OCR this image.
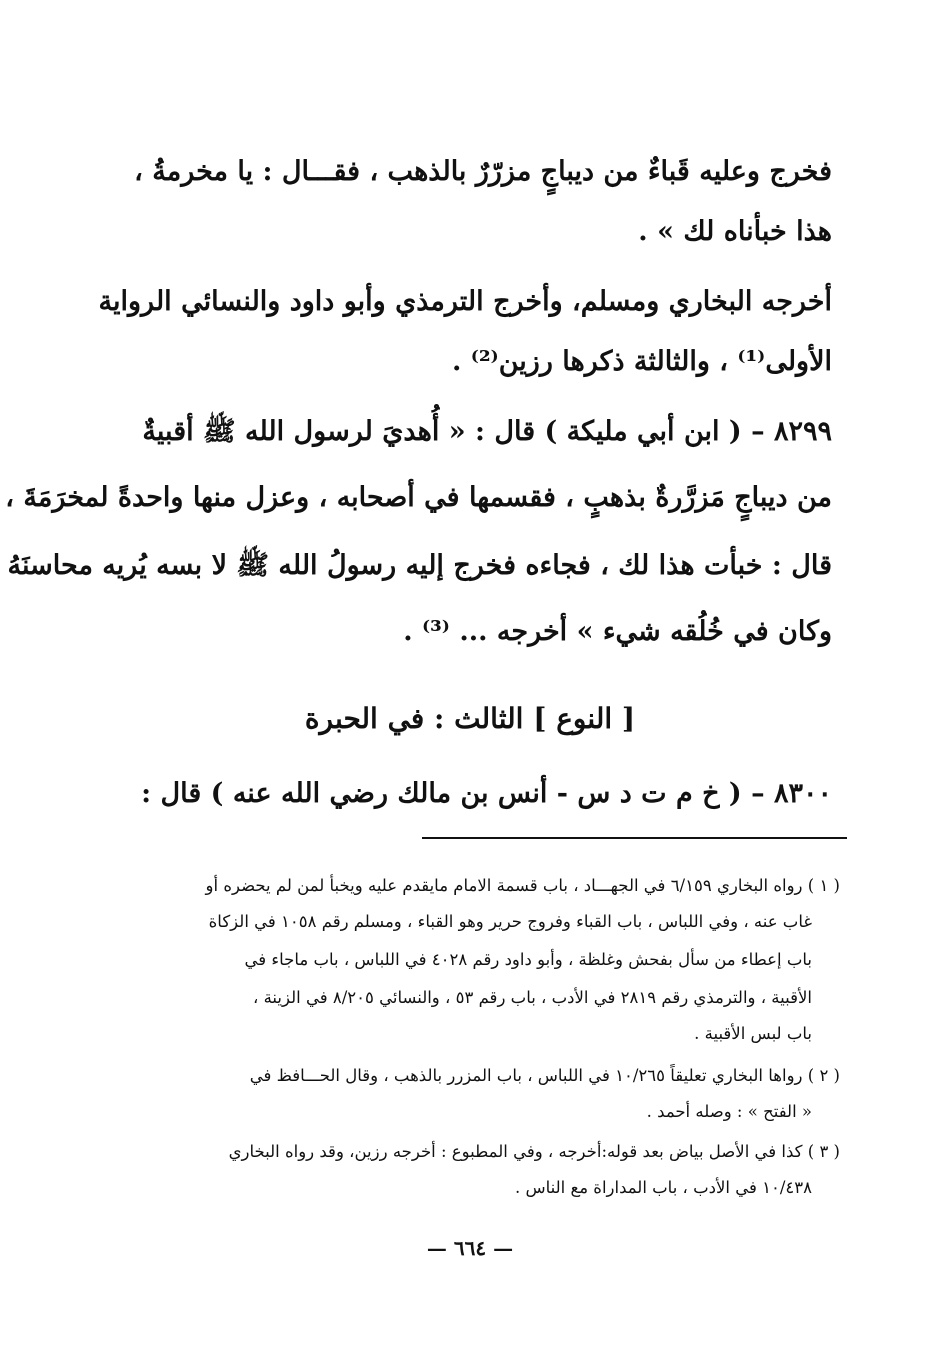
فخرج وعليه قَباءٌ من ديباجٍ مزرّرٌ بالذهب ، فقـــال : يا مخرمةُ ،
هذا خبأناه لك » .
أخرجه البخاري ومسلم، وأخرج الترمذي وأبو داود والنسائي الرواية
الأولى⁽¹⁾ ، والثالثة ذكرها رزين⁽²⁾ .
٨٢٩٩ – ( ابن أبي مليكة ) قال : « أُهديَ لرسول الله ﷺ أقبيةٌ
من ديباجٍ مَزرَّرةٌ بذهبٍ ، فقسمها في أصحابه ، وعزل منها واحدةً لمخرَمَةَ ،
قال : خبأت هذا لك ، فجاءه فخرج إليه رسولُ الله ﷺ لا بسه يُريه محاسنَهُ
وكان في خُلُقه شيء » أخرجه ... ⁽³⁾ .
[ النوع ] الثالث : في الحبرة
٨٣٠٠ – ( خ م ت د س - أنس بن مالك رضي الله عنه ) قال :
( ١ ) رواه البخاري ٦/١٥٩ في الجهـــاد ، باب قسمة الامام مايقدم عليه ويخبأ لمن لم يحضره أو
غاب عنه ، وفي اللباس ، باب القباء وفروج حرير وهو القباء ، ومسلم رقم ١٠٥٨ في الزكاة
باب إعطاء من سأل بفحش وغلظة ، وأبو داود رقم ٤٠٢٨ في اللباس ، باب ماجاء في
الأقبية ، والترمذي رقم ٢٨١٩ في الأدب ، باب رقم ٥٣ ، والنسائي ٨/٢٠٥ في الزينة ،
باب لبس الأقبية .
( ٢ ) رواها البخاري تعليقاً ١٠/٢٦٥ في اللباس ، باب المزرر بالذهب ، وقال الحـــافظ في
« الفتح » : وصله أحمد .
( ٣ ) كذا في الأصل بياض بعد قوله:أخرجه ، وفي المطبوع : أخرجه رزين، وقد رواه البخاري
١٠/٤٣٨ في الأدب ، باب المداراة مع الناس .
— ٦٦٤ —
